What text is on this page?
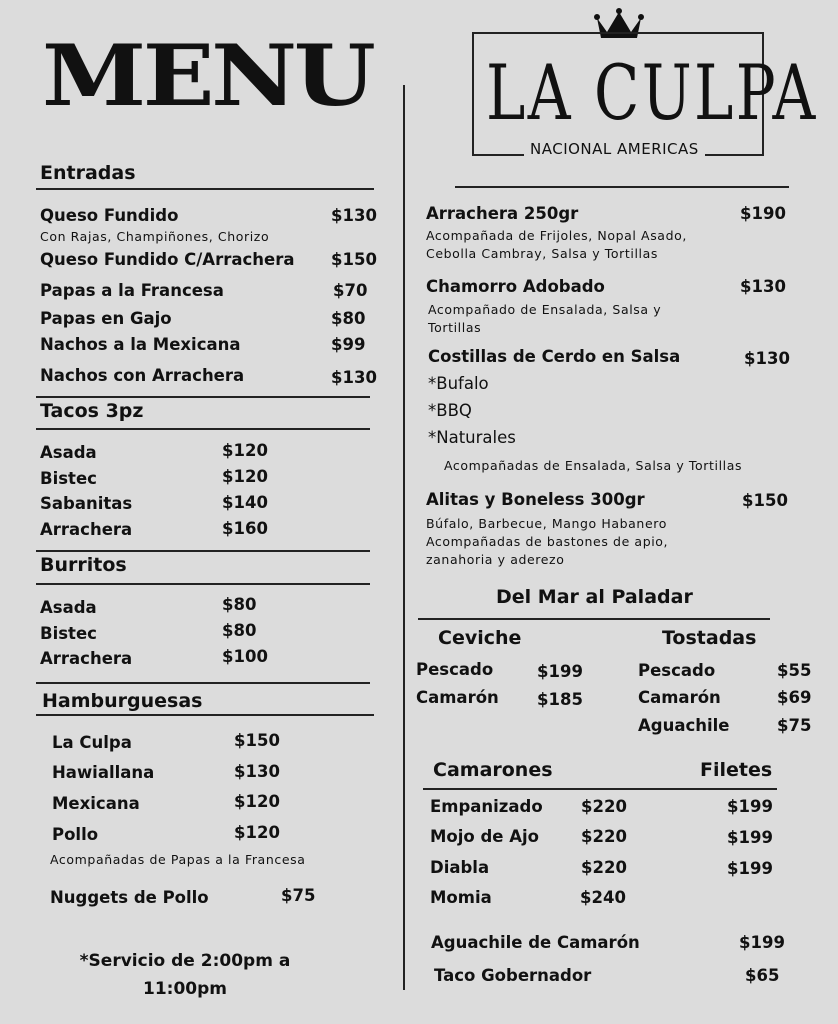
MENU LA CULPA
NACIONAL AMERICAS
Entradas
Queso Fundido	$130
Con Rajas, Champiñones, Chorizo
Queso Fundido C/Arrachera $150
Papas a la Francesa	$70
Papas en Gajo	$80
Nachos a la Mexicana	$99
Nachos con Arrachera	$130
Tacos 3pz
Asada	$120
Bistec	$120
Sabanitas	$140
Arrachera	$160
Burritos
Asada	$80
Bistec	$80
Arrachera	$100
Hamburguesas
La Culpa	$150
Hawiallana	$130
Mexicana	$120
Pollo	$120
Acompañadas de Papas a la Francesa
Nuggets de Pollo	$75
*Servicio de 2:00pm a
11:00pm
Arrachera 250gr	$190
Acompañada de Frijoles, Nopal Asado,
Cebolla Cambray, Salsa y Tortillas
Chamorro Adobado	$130
Acompañado de Ensalada, Salsa y
Tortillas
Costillas de Cerdo en Salsa	$130
*Bufalo
*BBQ
*Naturales
Acompañadas de Ensalada, Salsa y Tortillas
Alitas y Boneless 300gr	$150
Búfalo, Barbecue, Mango Habanero
Acompañadas de bastones de apio,
zanahoria y aderezo
Del Mar al Paladar
Ceviche	Tostadas
Pescado	$199
Camarón $185
Pescado	$55
Camarón	$69
Aguachile	$75
Camarones	Filetes
Empanizado $220	$199
Mojo de Ajo	$220	$199
Diabla	$220	$199
Momia	$240
Aguachile de Camarón	$199
Taco Gobernador	$65
